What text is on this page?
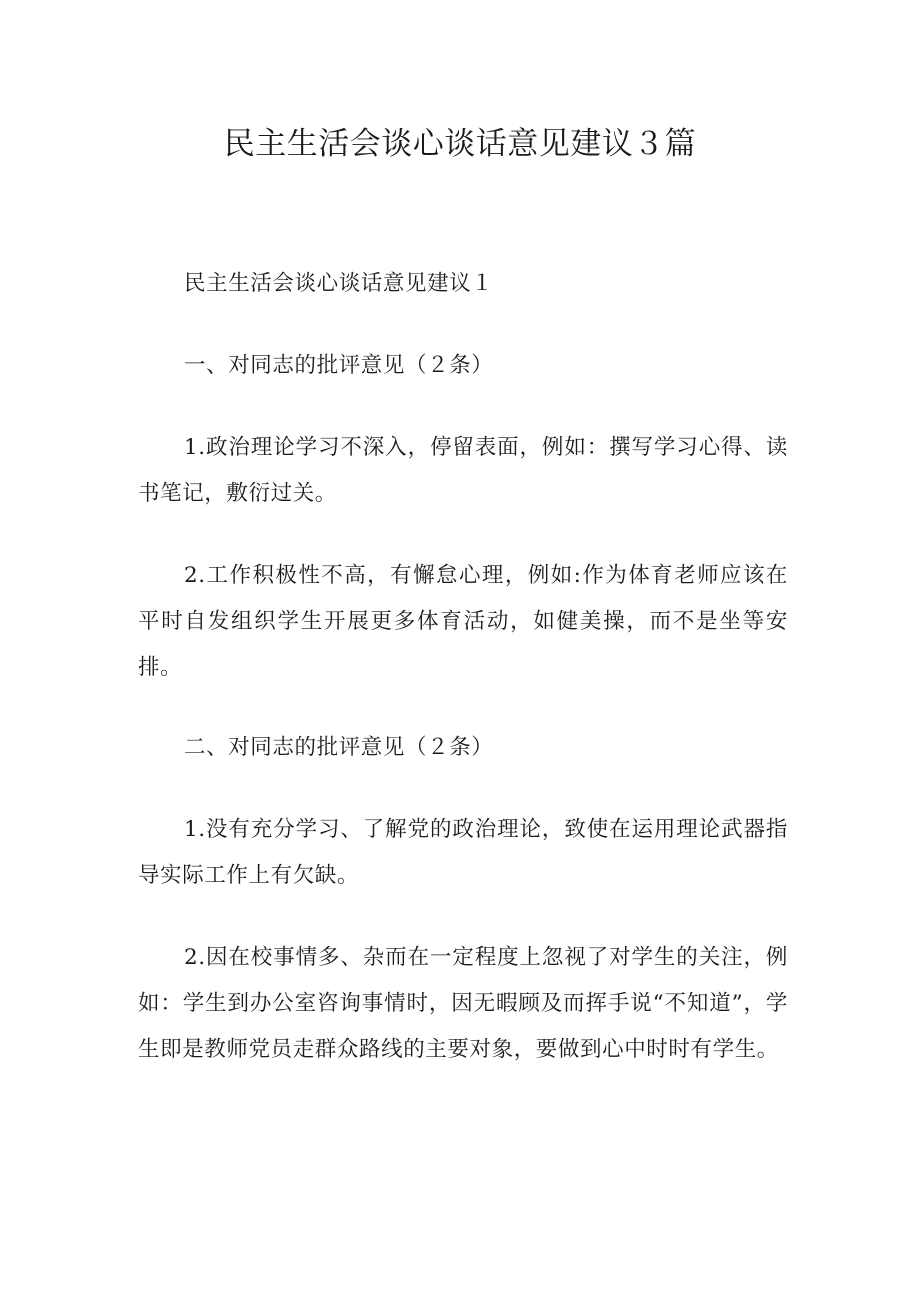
民主生活会谈心谈话意见建议３篇

民主生活会谈心谈话意见建议１

一、对同志的批评意见（２条）

1.政治理论学习不深入，停留表面，例如：撰写学习心得、读书笔记，敷衍过关。

2.工作积极性不高，有懈怠心理，例如:作为体育老师应该在平时自发组织学生开展更多体育活动，如健美操，而不是坐等安排。

二、对同志的批评意见（２条）

1.没有充分学习、了解党的政治理论，致使在运用理论武器指导实际工作上有欠缺。

2.因在校事情多、杂而在一定程度上忽视了对学生的关注，例如：学生到办公室咨询事情时，因无暇顾及而挥手说“不知道”，学生即是教师党员走群众路线的主要对象，要做到心中时时有学生。
